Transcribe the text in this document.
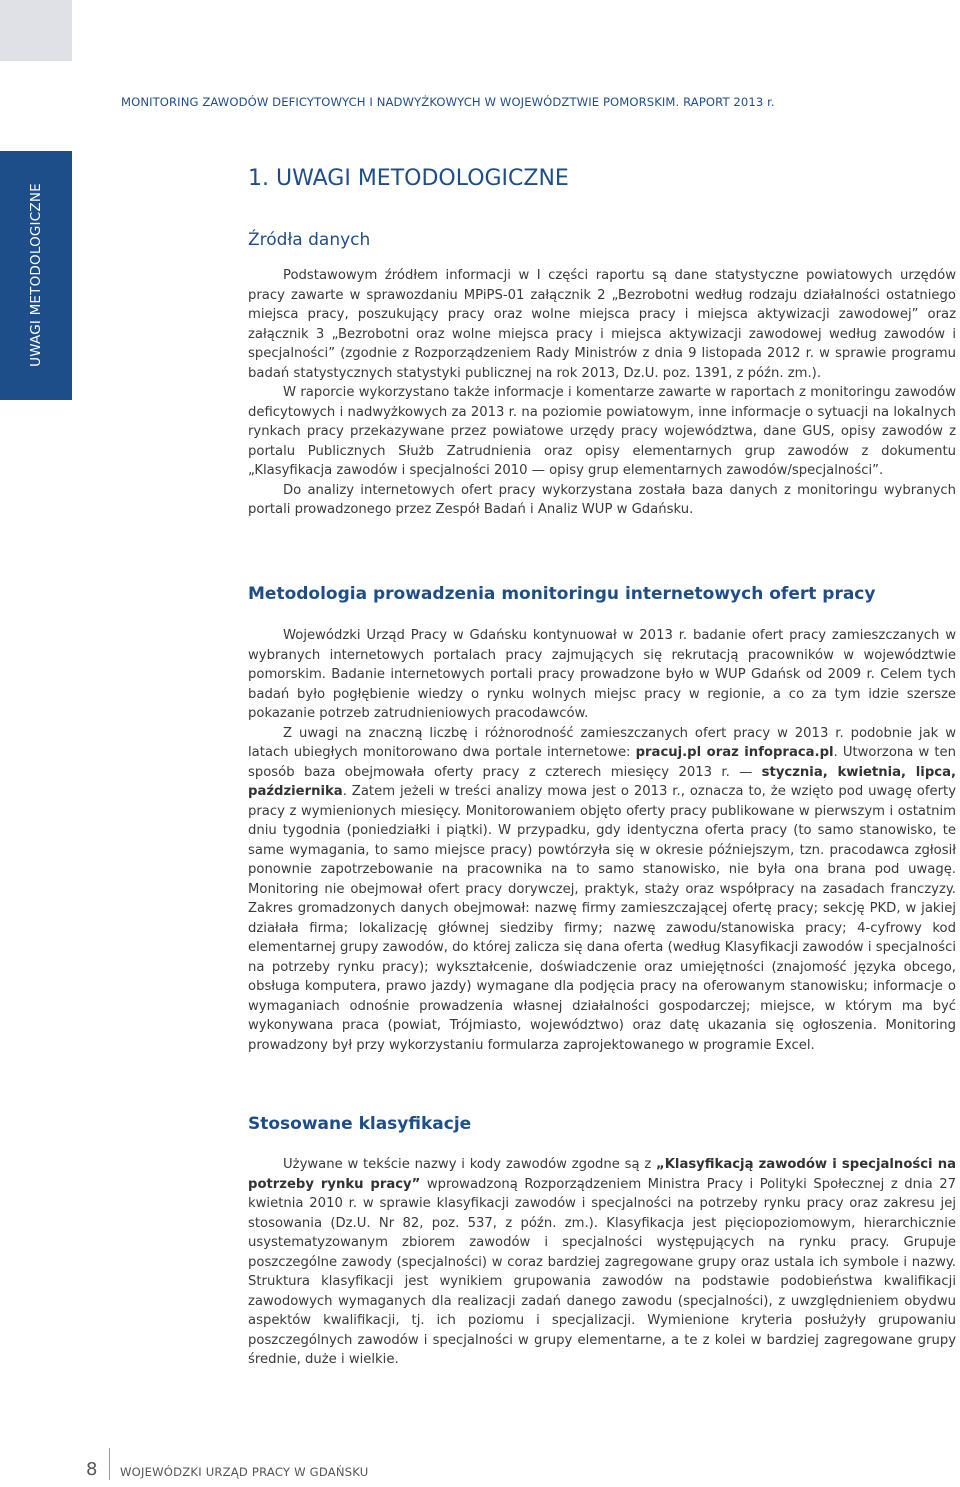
UWAGI METODOLOGICZNE
MONITORING ZAWODÓW DEFICYTOWYCH I NADWYŻKOWYCH W WOJEWÓDZTWIE POMORSKIM. RAPORT 2013 r.
1. UWAGI METODOLOGICZNE
Źródła danych

Podstawowym źródłem informacji w I części raportu są dane statystyczne powiatowych urzędów pracy zawarte w sprawozdaniu MPiPS-01 załącznik 2 „Bezrobotni według rodzaju działalności ostatniego miejsca pracy, poszukujący pracy oraz wolne miejsca pracy i miejsca aktywizacji zawodowej” oraz załącznik 3 „Bezrobotni oraz wolne miejsca pracy i miejsca aktywizacji zawodowej według zawodów i specjalności” (zgodnie z Rozporządzeniem Rady Ministrów z dnia 9 listopada 2012 r. w sprawie programu badań statystycznych statystyki publicznej na rok 2013, Dz.U. poz. 1391, z późn. zm.).

W raporcie wykorzystano także informacje i komentarze zawarte w raportach z monitoringu zawodów deficytowych i nadwyżkowych za 2013 r. na poziomie powiatowym, inne informacje o sytuacji na lokalnych rynkach pracy przekazywane przez powiatowe urzędy pracy województwa, dane GUS, opisy zawodów z portalu Publicznych Służb Zatrudnienia oraz opisy elementarnych grup zawodów z dokumentu „Klasyfikacja zawodów i specjalności 2010 — opisy grup elementarnych zawodów/specjalności”.

Do analizy internetowych ofert pracy wykorzystana została baza danych z monitoringu wybranych portali prowadzonego przez Zespół Badań i Analiz WUP w Gdańsku.

Metodologia prowadzenia monitoringu internetowych ofert pracy

Wojewódzki Urząd Pracy w Gdańsku kontynuował w 2013 r. badanie ofert pracy zamieszczanych w wybranych internetowych portalach pracy zajmujących się rekrutacją pracowników w województwie pomorskim. Badanie internetowych portali pracy prowadzone było w WUP Gdańsk od 2009 r. Celem tych badań było pogłębienie wiedzy o rynku wolnych miejsc pracy w regionie, a co za tym idzie szersze pokazanie potrzeb zatrudnieniowych pracodawców.

Z uwagi na znaczną liczbę i różnorodność zamieszczanych ofert pracy w 2013 r. podobnie jak w latach ubiegłych monitorowano dwa portale internetowe: pracuj.pl oraz infopraca.pl. Utworzona w ten sposób baza obejmowała oferty pracy z czterech miesięcy 2013 r. — stycznia, kwietnia, lipca, października. Zatem jeżeli w treści analizy mowa jest o 2013 r., oznacza to, że wzięto pod uwagę oferty pracy z wymienionych miesięcy. Monitorowaniem objęto oferty pracy publikowane w pierwszym i ostatnim dniu tygodnia (poniedziałki i piątki). W przypadku, gdy identyczna oferta pracy (to samo stanowisko, te same wymagania, to samo miejsce pracy) powtórzyła się w okresie późniejszym, tzn. pracodawca zgłosił ponownie zapotrzebowanie na pracownika na to samo stanowisko, nie była ona brana pod uwagę. Monitoring nie obejmował ofert pracy dorywczej, praktyk, staży oraz współpracy na zasadach franczyzy. Zakres gromadzonych danych obejmował: nazwę firmy zamieszczającej ofertę pracy; sekcję PKD, w jakiej działała firma; lokalizację głównej siedziby firmy; nazwę zawodu/stanowiska pracy; 4-cyfrowy kod elementarnej grupy zawodów, do której zalicza się dana oferta (według Klasyfikacji zawodów i specjalności na potrzeby rynku pracy); wykształcenie, doświadczenie oraz umiejętności (znajomość języka obcego, obsługa komputera, prawo jazdy) wymagane dla podjęcia pracy na oferowanym stanowisku; informacje o wymaganiach odnośnie prowadzenia własnej działalności gospodarczej; miejsce, w którym ma być wykonywana praca (powiat, Trójmiasto, województwo) oraz datę ukazania się ogłoszenia. Monitoring prowadzony był przy wykorzystaniu formularza zaprojektowanego w programie Excel.

Stosowane klasyfikacje

Używane w tekście nazwy i kody zawodów zgodne są z „Klasyfikacją zawodów i specjalności na potrzeby rynku pracy” wprowadzoną Rozporządzeniem Ministra Pracy i Polityki Społecznej z dnia 27 kwietnia 2010 r. w sprawie klasyfikacji zawodów i specjalności na potrzeby rynku pracy oraz zakresu jej stosowania (Dz.U. Nr 82, poz. 537, z późn. zm.). Klasyfikacja jest pięciopoziomowym, hierarchicznie usystematyzowanym zbiorem zawodów i specjalności występujących na rynku pracy. Grupuje poszczególne zawody (specjalności) w coraz bardziej zagregowane grupy oraz ustala ich symbole i nazwy. Struktura klasyfikacji jest wynikiem grupowania zawodów na podstawie podobieństwa kwalifikacji zawodowych wymaganych dla realizacji zadań danego zawodu (specjalności), z uwzględnieniem obydwu aspektów kwalifikacji, tj. ich poziomu i specjalizacji. Wymienione kryteria posłużyły grupowaniu poszczególnych zawodów i specjalności w grupy elementarne, a te z kolei w bardziej zagregowane grupy średnie, duże i wielkie.

8 WOJEWÓDZKI URZĄD PRACY W GDAŃSKU
